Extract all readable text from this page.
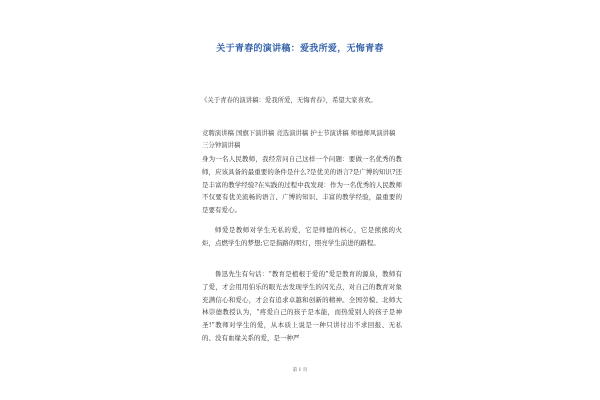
关于青春的演讲稿：爱我所爱，无悔青春
《关于青春的演讲稿：爱我所爱，无悔青春》，希望大家喜欢。
竞聘演讲稿 国旗下演讲稿 竞选演讲稿 护士节演讲稿 师德师风演讲稿 三分钟演讲稿

身为一名人民教师，我经常问自己这样一个问题：要做一名优秀的教师，应该具备的最重要的条件是什么?是优美的语言?是广博的知识?还是丰富的教学经验?在实践的过程中我发现：作为一名优秀的人民教师不仅要有优美流畅的语言、广博的知识、丰富的教学经验，最重要的是要有爱心。

师爱是教师对学生无私的爱，它是师德的核心，它是熊熊的火炬，点燃学生的梦想;它是指路的明灯，照亮学生前进的路程。

鲁迅先生有句话：“教育是植根于爱的”爱是教育的源泉，教师有了爱，才会用用伯乐的眼光去发现学生的闪光点，对自己的教育对象充满信心和爱心，才会有追求卓越和创新的精神。全国劳模、北师大林崇德教授认为，“疼爱自己的孩子是本能，而热爱别人的孩子是神圣!”教师对学生的爱，从本质上说是一种只讲付出不求回报、无私的、没有血缘关系的爱，是一种严

第 1 页
